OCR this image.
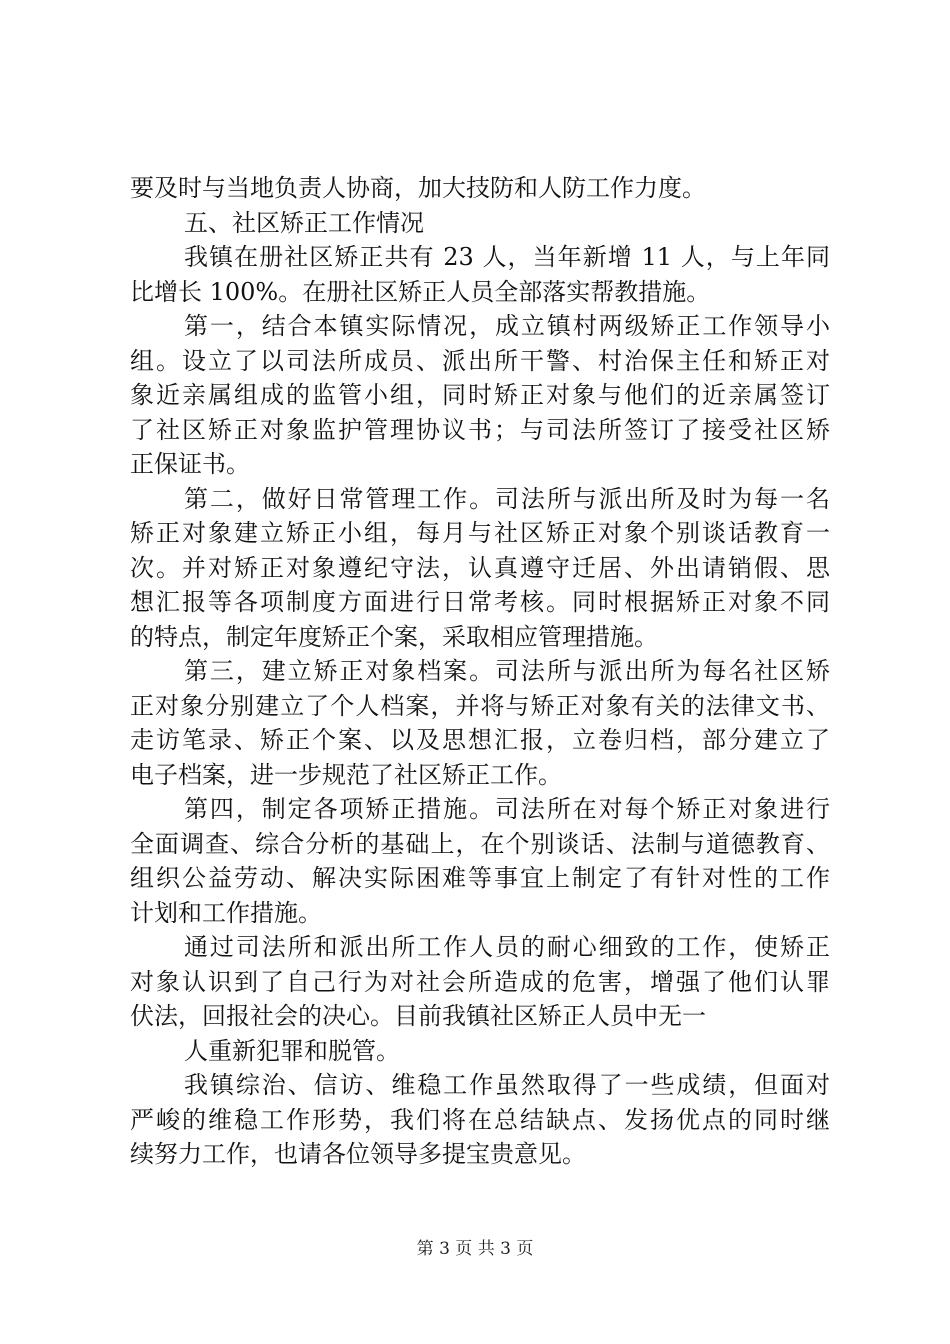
要及时与当地负责人协商，加大技防和人防工作力度。
五、社区矫正工作情况
我镇在册社区矫正共有 23 人，当年新增 11 人，与上年同
比增长 100%。在册社区矫正人员全部落实帮教措施。
第一，结合本镇实际情况，成立镇村两级矫正工作领导小
组。设立了以司法所成员、派出所干警、村治保主任和矫正对
象近亲属组成的监管小组，同时矫正对象与他们的近亲属签订
了社区矫正对象监护管理协议书；与司法所签订了接受社区矫
正保证书。
第二，做好日常管理工作。司法所与派出所及时为每一名
矫正对象建立矫正小组，每月与社区矫正对象个别谈话教育一
次。并对矫正对象遵纪守法，认真遵守迁居、外出请销假、思
想汇报等各项制度方面进行日常考核。同时根据矫正对象不同
的特点，制定年度矫正个案，采取相应管理措施。
第三，建立矫正对象档案。司法所与派出所为每名社区矫
正对象分别建立了个人档案，并将与矫正对象有关的法律文书、
走访笔录、矫正个案、以及思想汇报，立卷归档，部分建立了
电子档案，进一步规范了社区矫正工作。
第四，制定各项矫正措施。司法所在对每个矫正对象进行
全面调查、综合分析的基础上，在个别谈话、法制与道德教育、
组织公益劳动、解决实际困难等事宜上制定了有针对性的工作
计划和工作措施。
通过司法所和派出所工作人员的耐心细致的工作，使矫正
对象认识到了自己行为对社会所造成的危害，增强了他们认罪
伏法，回报社会的决心。目前我镇社区矫正人员中无一
人重新犯罪和脱管。
我镇综治、信访、维稳工作虽然取得了一些成绩，但面对
严峻的维稳工作形势，我们将在总结缺点、发扬优点的同时继
续努力工作，也请各位领导多提宝贵意见。
第 3 页 共 3 页
